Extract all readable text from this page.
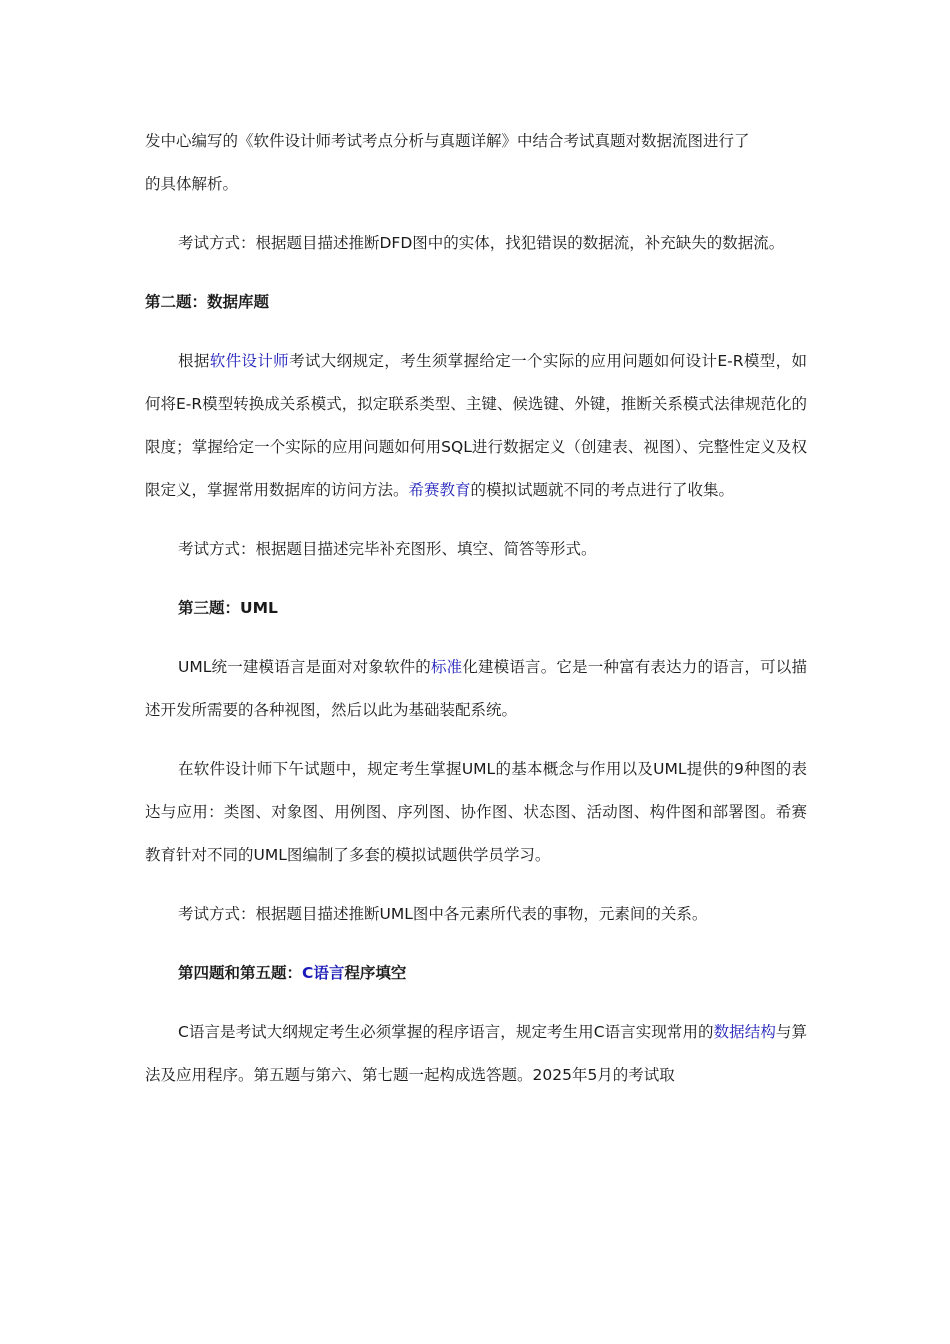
发中心编写的《软件设计师考试考点分析与真题详解》中结合考试真题对数据流图进行了
的具体解析。

考试方式：根据题目描述推断DFD图中的实体，找犯错误的数据流，补充缺失的数据流。

第二题：数据库题

根据软件设计师考试大纲规定，考生须掌握给定一个实际的应用问题如何设计E-R模型，如何将E-R模型转换成关系模式，拟定联系类型、主键、候选键、外键，推断关系模式法律规范化的限度；掌握给定一个实际的应用问题如何用SQL进行数据定义（创建表、视图）、完整性定义及权限定义，掌握常用数据库的访问方法。希赛教育的模拟试题就不同的考点进行了收集。

考试方式：根据题目描述完毕补充图形、填空、简答等形式。

第三题：UML

UML统一建模语言是面对对象软件的标准化建模语言。它是一种富有表达力的语言，可以描述开发所需要的各种视图，然后以此为基础装配系统。

在软件设计师下午试题中，规定考生掌握UML的基本概念与作用以及UML提供的9种图的表达与应用：类图、对象图、用例图、序列图、协作图、状态图、活动图、构件图和部署图。希赛教育针对不同的UML图编制了多套的模拟试题供学员学习。

考试方式：根据题目描述推断UML图中各元素所代表的事物，元素间的关系。

第四题和第五题：C语言程序填空

C语言是考试大纲规定考生必须掌握的程序语言，规定考生用C语言实现常用的数据结构与算法及应用程序。第五题与第六、第七题一起构成选答题。2025年5月的考试取
